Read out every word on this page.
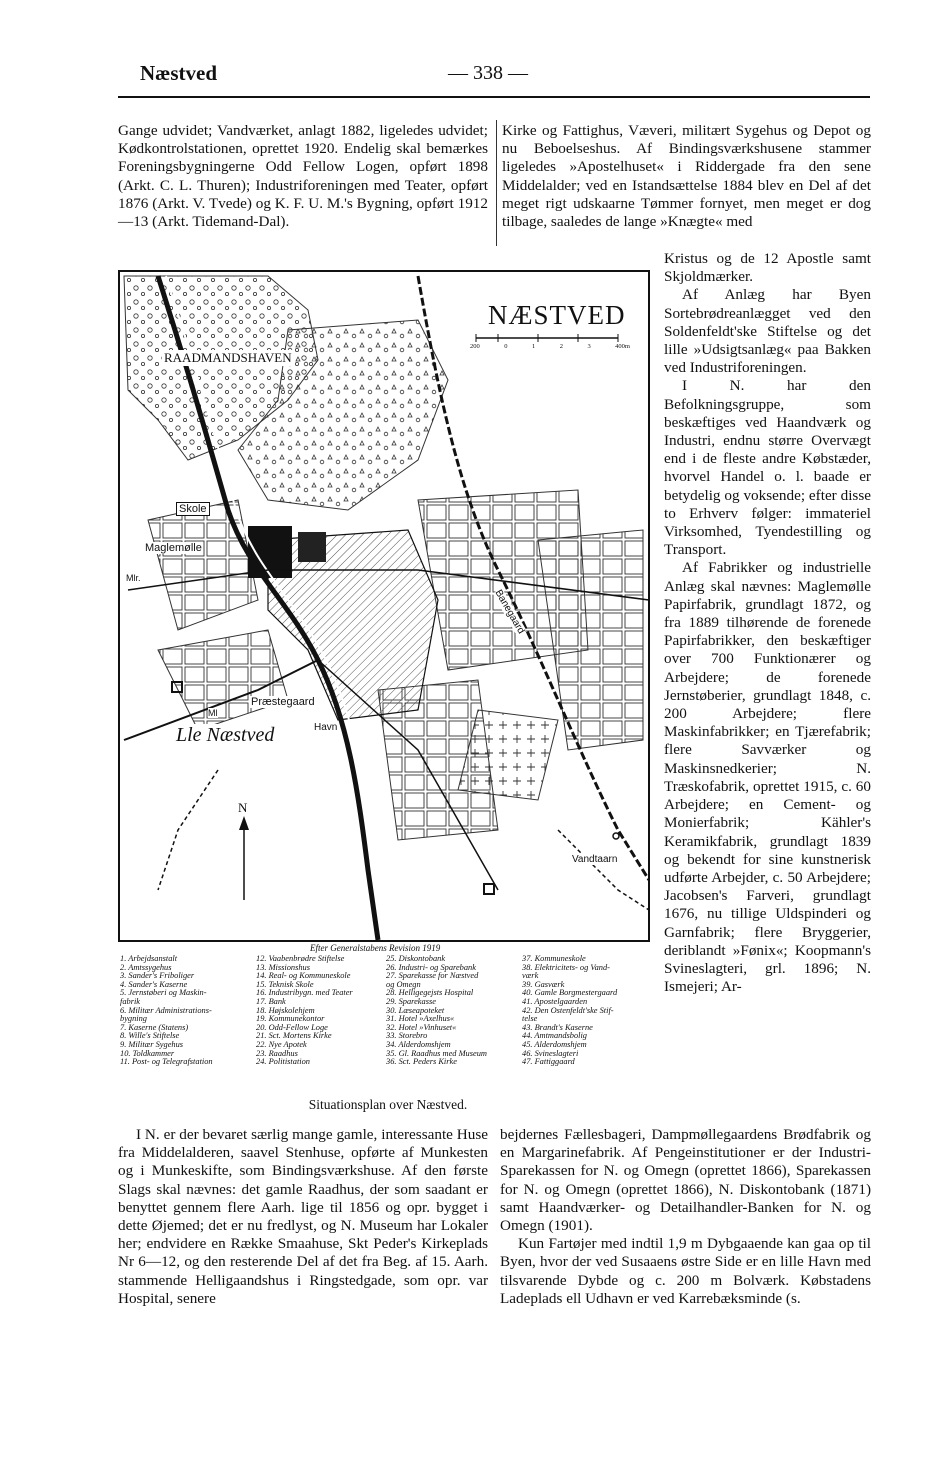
Næstved	— 338 —

Gange udvidet; Vandværket, anlagt 1882, ligeledes udvidet; Kødkontrolstationen, oprettet 1920. Endelig skal bemærkes Foreningsbygningerne Odd Fellow Logen, opført 1898 (Arkt. C. L. Thuren); Industriforeningen med Teater, opført 1876 (Arkt. V. Tvede) og K. F. U. M.'s Bygning, opført 1912—13 (Arkt. Tidemand-Dal).

Kirke og Fattighus, Væveri, militært Sygehus og Depot og nu Beboelseshus. Af Bindingsværkshusene stammer ligeledes »Apostelhuset« i Riddergade fra den sene Middelalder; ved en Istandsættelse 1884 blev en Del af det meget rigt udskaarne Tømmer fornyet, men meget er dog tilbage, saaledes de lange »Knægte« med

Kristus og de 12 Apostle samt Skjoldmærker.

Af Anlæg har Byen Sortebrødreanlægget ved den Soldenfeldt'ske Stiftelse og det lille »Udsigtsanlæg« paa Bakken ved Industriforeningen.

I N. har den Befolkningsgruppe, som beskæftiges ved Haandværk og Industri, endnu større Overvægt end i de fleste andre Købstæder, hvorvel Handel o. l. baade er betydelig og voksende; efter disse to Erhverv følger: immateriel Virksomhed, Tyendestilling og Transport.

Af Fabrikker og industrielle Anlæg skal nævnes: Maglemølle Papirfabrik, grundlagt 1872, og fra 1889 tilhørende de forenede Papirfabrikker, den beskæftiger over 700 Funktionærer og Arbejdere; de forenede Jernstøberier, grundlagt 1848, c. 200 Arbejdere; flere Maskinfabrikker; en Tjærefabrik; flere Savværker og Maskinsnedkerier; N. Træskofabrik, oprettet 1915, c. 60 Arbejdere; en Cement- og Monierfabrik; Kähler's Keramikfabrik, grundlagt 1839 og bekendt for sine kunstnerisk udførte Arbejder, c. 50 Arbejdere; Jacobsen's Farveri, grundlagt 1676, nu tillige Uldspinderi og Garnfabrik; flere Bryggerier, deriblandt »Fønix«; Koopmann's Svineslagteri, grl. 1896; N. Ismejeri; Ar-

NÆSTVED
200	0	1	2	3	400m
RAADMANDSHAVEN
Skole
Maglemølle
Mlr.
Præstegaard
Havn
Lle Næstved
Ml
Banegaard
Vandtaarn
N
Efter Generalstabens Revision 1919
1. Arbejdsanstalt
2. Amtssygehus
3. Sander's Friboliger
4. Sander's Kaserne
5. Jernstøberi og Maskin-
fabrik
6. Militær Administrations-
bygning
7. Kaserne (Statens)
8. Wille's Stiftelse
9. Militær Sygehus
10. Toldkammer
11. Post- og Telegrafstation
12. Vaabenbrødre Stiftelse
13. Missionshus
14. Real- og Kommuneskole
15. Teknisk Skole
16. Industribygn. med Teater
17. Bank
18. Højskolehjem
19. Kommunekontor
20. Odd-Fellow Loge
21. Sct. Mortens Kirke
22. Nye Apotek
23. Raadhus
24. Politistation
25. Diskontobank
26. Industri- og Sparebank
27. Sparekasse for Næstved
og Omegn
28. Helligegejsts Hospital
29. Sparekasse
30. Læseapoteket
31. Hotel »Axelhus«
32. Hotel »Vinhuset«
33. Storebro
34. Alderdomshjem
35. Gl. Raadhus med Museum
36. Sct. Peders Kirke
37. Kommuneskole
38. Elektricitets- og Vand-
værk
39. Gasværk
40. Gamle Borgmestergaard
41. Apostelgaarden
42. Den Ostenfeldt'ske Stif-
telse
43. Brandt's Kaserne
44. Amtmandsbolig
45. Alderdomshjem
46. Svineslagteri
47. Fattiggaard
Situationsplan over Næstved.

I N. er der bevaret særlig mange gamle, interessante Huse fra Middelalderen, saavel Stenhuse, opførte af Munkesten og i Munkeskifte, som Bindingsværkshuse. Af den første Slags skal nævnes: det gamle Raadhus, der som saadant er benyttet gennem flere Aarh. lige til 1856 og opr. bygget i dette Øjemed; det er nu fredlyst, og N. Museum har Lokaler her; endvidere en Række Smaahuse, Skt Peder's Kirkeplads Nr 6—12, og den resterende Del af det fra Beg. af 15. Aarh. stammende Helligaandshus i Ringstedgade, som opr. var Hospital, senere

bejdernes Fællesbageri, Dampmøllegaardens Brødfabrik og en Margarinefabrik. Af Pengeinstitutioner er der Industri-Sparekassen for N. og Omegn (oprettet 1866), Sparekassen for N. og Omegn (oprettet 1866), N. Diskontobank (1871) samt Haandværker- og Detailhandler-Banken for N. og Omegn (1901).

Kun Fartøjer med indtil 1,9 m Dybgaaende kan gaa op til Byen, hvor der ved Susaaens østre Side er en lille Havn med tilsvarende Dybde og c. 200 m Bolværk. Købstadens Ladeplads ell Udhavn er ved Karrebæksminde (s.
